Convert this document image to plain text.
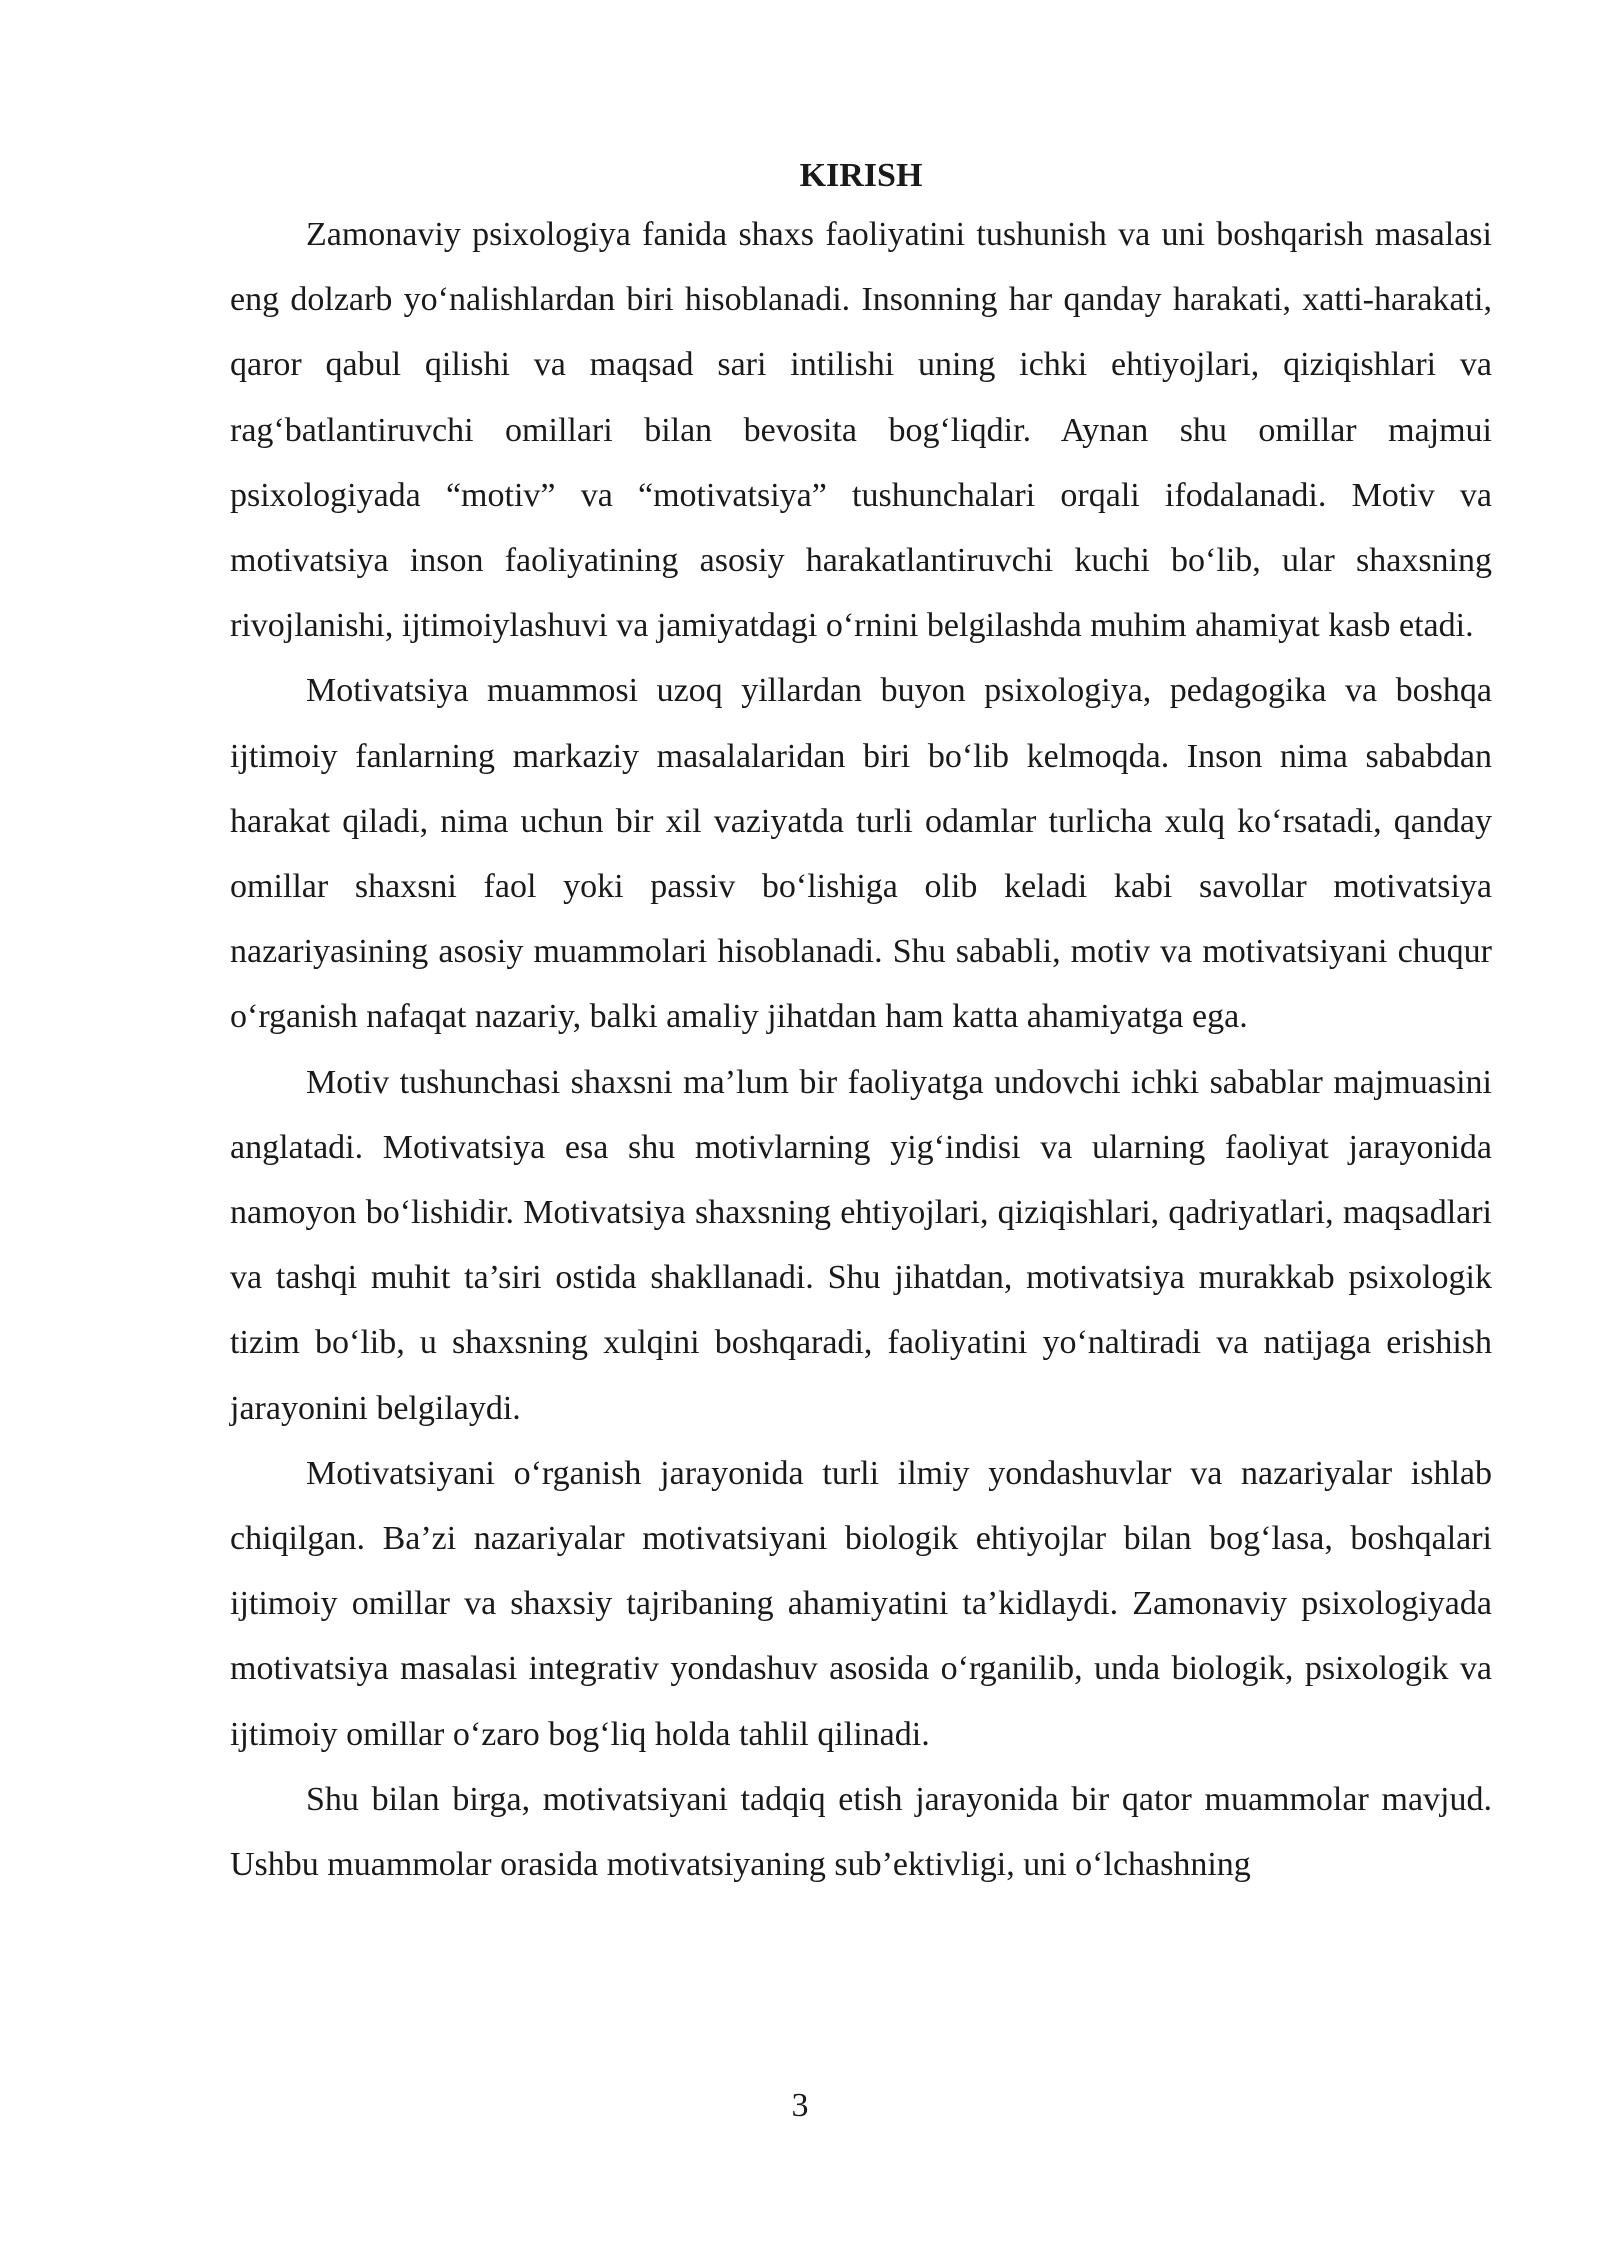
KIRISH

Zamonaviy psixologiya fanida shaxs faoliyatini tushunish va uni boshqarish masalasi eng dolzarb yo‘nalishlardan biri hisoblanadi. Insonning har qanday harakati, xatti-harakati, qaror qabul qilishi va maqsad sari intilishi uning ichki ehtiyojlari, qiziqishlari va rag‘batlantiruvchi omillari bilan bevosita bog‘liqdir. Aynan shu omillar majmui psixologiyada “motiv” va “motivatsiya” tushunchalari orqali ifodalanadi. Motiv va motivatsiya inson faoliyatining asosiy harakatlantiruvchi kuchi bo‘lib, ular shaxsning rivojlanishi, ijtimoiylashuvi va jamiyatdagi o‘rnini belgilashda muhim ahamiyat kasb etadi.

Motivatsiya muammosi uzoq yillardan buyon psixologiya, pedagogika va boshqa ijtimoiy fanlarning markaziy masalalaridan biri bo‘lib kelmoqda. Inson nima sababdan harakat qiladi, nima uchun bir xil vaziyatda turli odamlar turlicha xulq ko‘rsatadi, qanday omillar shaxsni faol yoki passiv bo‘lishiga olib keladi kabi savollar motivatsiya nazariyasining asosiy muammolari hisoblanadi. Shu sababli, motiv va motivatsiyani chuqur o‘rganish nafaqat nazariy, balki amaliy jihatdan ham katta ahamiyatga ega.

Motiv tushunchasi shaxsni ma’lum bir faoliyatga undovchi ichki sabablar majmuasini anglatadi. Motivatsiya esa shu motivlarning yig‘indisi va ularning faoliyat jarayonida namoyon bo‘lishidir. Motivatsiya shaxsning ehtiyojlari, qiziqishlari, qadriyatlari, maqsadlari va tashqi muhit ta’siri ostida shakllanadi. Shu jihatdan, motivatsiya murakkab psixologik tizim bo‘lib, u shaxsning xulqini boshqaradi, faoliyatini yo‘naltiradi va natijaga erishish jarayonini belgilaydi.

Motivatsiyani o‘rganish jarayonida turli ilmiy yondashuvlar va nazariyalar ishlab chiqilgan. Ba’zi nazariyalar motivatsiyani biologik ehtiyojlar bilan bog‘lasa, boshqalari ijtimoiy omillar va shaxsiy tajribaning ahamiyatini ta’kidlaydi. Zamonaviy psixologiyada motivatsiya masalasi integrativ yondashuv asosida o‘rganilib, unda biologik, psixologik va ijtimoiy omillar o‘zaro bog‘liq holda tahlil qilinadi.

Shu bilan birga, motivatsiyani tadqiq etish jarayonida bir qator muammolar mavjud. Ushbu muammolar orasida motivatsiyaning sub’ektivligi, uni o‘lchashning

3
